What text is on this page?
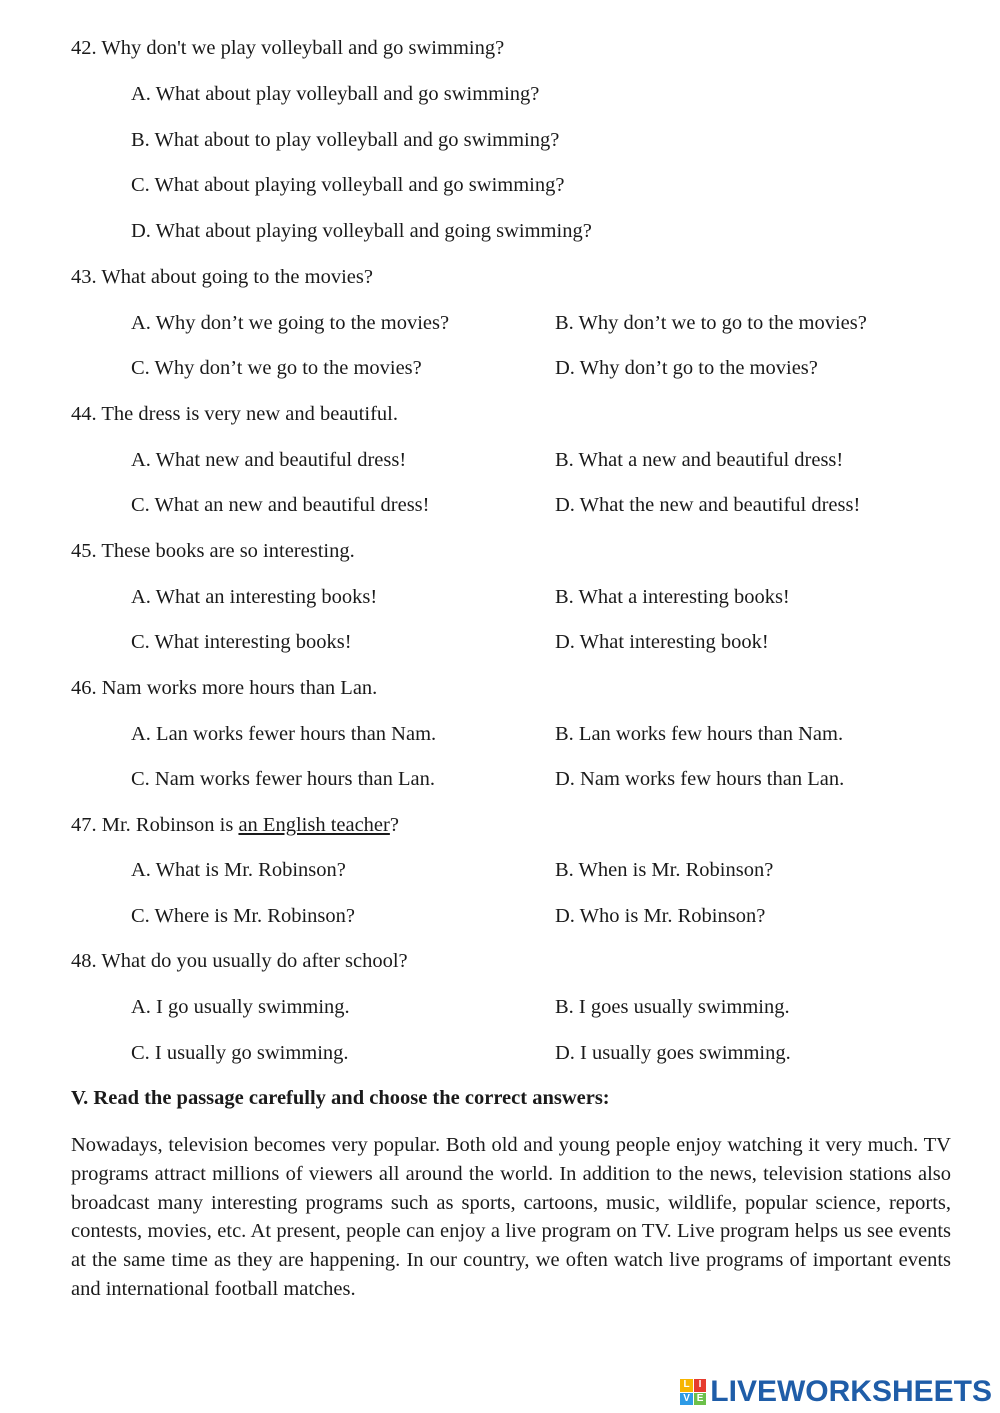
42. Why don't we play volleyball and go swimming?
A. What about play volleyball and go swimming?
B. What about to play volleyball and go swimming?
C. What about playing volleyball and go swimming?
D. What about playing volleyball and going swimming?
43. What about going to the movies?
A. Why don’t we going to the movies?	B. Why don’t we to go to the movies?
C. Why don’t we go to the movies?	D. Why don’t go to the movies?
44. The dress is very new and beautiful.
A. What new and beautiful dress!	B. What a new and beautiful dress!
C. What an new and beautiful dress!	D. What the new and beautiful dress!
45. These books are so interesting.
A. What an interesting books!	B. What a interesting books!
C. What interesting books!	D. What interesting book!
46. Nam works more hours than Lan.
A. Lan works fewer hours than Nam.	B. Lan works few hours than Nam.
C. Nam works fewer hours than Lan.	D. Nam works few hours than Lan.
47. Mr. Robinson is an English teacher?
A. What is Mr. Robinson?	B. When is Mr. Robinson?
C. Where is Mr. Robinson?	D. Who is Mr. Robinson?
48. What do you usually do after school?
A. I go usually swimming.	B. I goes usually swimming.
C. I usually go swimming.	D. I usually goes swimming.
V. Read the passage carefully and choose the correct answers:
Nowadays, television becomes very popular. Both old and young people enjoy watching it very much. TV programs attract millions of viewers all around the world. In addition to the news, television stations also broadcast many interesting programs such as sports, cartoons, music, wildlife, popular science, reports, contests, movies, etc. At present, people can enjoy a live program on TV. Live program helps us see events at the same time as they are happening. In our country, we often watch live programs of important events and international football matches.
L I
V E LIVEWORKSHEETS
